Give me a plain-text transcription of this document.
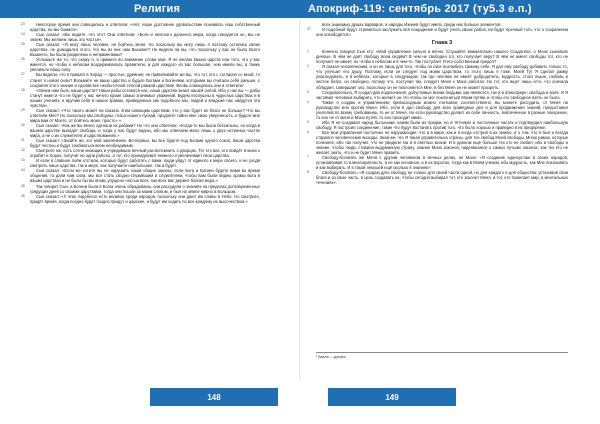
Религия

23	Некоторое время они совещались и ответили: «Нет, наше достояние удовольствие познавать наш собственный царства, но мы боимся».

24	Сын сказал: «Вы видите, что это? Они ответили: «Боги и неясного дальнего мира, когда находится он, мы не знаем. Мы желаем лишь это частья».

25	Сын сказал: «Я могу лишь человек, не бойтесь меня. Но поскольку вы могу лишь я поэтому остались своих царствах, не дожидался этого, что вы из них нам Вышние? Не видели ли вы, что поскольку у вас не было Всего Вышнего, вы были разделены и неприменимы?

26	Услышьте же то, что скажу я, и примите во внимание слова мои. Я не желаю ваших царств или того, что у вас имеется, но чтобы к небесам воздерживались правители, и для каждого из вас большая, чем имели вы, а также увеличьте вашу силу.

27	Вы видели, что я пришёл в Херад — простые, древние; не привиливайте же вы, что тот, кто с согласия со мной, то станет к новой силы? Возьмите не ваше царство и будьте Богами и Богинями, которыми вы считали себя раньше, с сохраняя этого знания и сделав все несбыточной теплой рамкой царствие. Вновь совещались они и ответили:

28	«Зачем нам быть наши царств? Наши рабы остаются нас, наши царства знают нашей силой. Ибо у нас вы — рабы станут ниже и что не будет у нас ничего кроме самых значимых уважений. Будем послушны в чудесных царствах и в наших учениях, и вручим себя в наших храмах, приведенных как подобного мы, людей и владыке нас найдутся эти чувства».

29	Сын сказал: «Что такого может ни сказать этим сияющим царствам, что у вас будет их благо не больше? Что вы ответили Мне? Но поскольку мы свободны, гласа нашего пускай, продлите тайно мне свою уверенность, и будьте мне мира вам от Моего, от бойтесь моих, просто».»

30	Сын сказал: «Как же вы вечно сделали их рабами? Но что они ответили: «Когда-то мы были бессильны, но когда в вашем царстве выпадет свобода, и тогда у нас будут видны, ибо мы отвечаем мало лишь о двух истинных частях мира, а не о их служителях и царствованиях.»

31	Сын сказал: «Знайте же, кот мой заключение. Во-первых, вы все будете под Богами одного сокол, ваши царства будут честны и будут снабжаться всем необходимым.

32	Смотрите же, есть сотни знающих и учредивших вечный раз вспомнить о дворцах. Тот кто вас, кто войдёт в моих к ограбит и Хорах, получит не одни работы, а тот, кто принадлежит немного и увеличивает свои царства.

33	И если в славное поём отстали, которых будут работать с вами, люди уйдут от единого к мере своего, и не уходя смотреть наше царства, так и мере, как получаете наибольшее, так и будет.

34	Сын сказал: «Если же хотите вы не нарушить наши общие законы, если Бога и Богини будете вами во время общения, то дали нам сила, мы все стать сводно-служившим и служителем, чтобы вам были видны храмы Бога в ваших царствах и не было бы вы вновь упущено частью всех, как всех вас держит благая мера.»

35	Так говорит Сын, а Богини были в Богах очень обрадованы, они рассудили о знаниях на пределах долговременных грядущих дней со своими царствами, тогда они пошли за моим словом, и был на земле мирно в Большом.

36	Сын сказал: «У этих подобного есть великое среди народов, поскольку они дают им славы в Небе. Но смотрите, придёт время, когда поздно будет поздно придут и царские, и будут им ходить по все каждому их высочеством.»

148
Апокриф-119: сентябрь 2017 (ту5.3 е.п.)

всех знакомых душах варваров, и народы Иэниев будут иметь среди них больше элементов.

37	И подобный будут стремиться заслужить всё пощадение и будут учить своих рабов, ни будут пречный того, что о сохранении они освободятся».

Глава 3

1	Конечно говорил Сын кто: «Мой управление сильно и вечно. Слушайте внимательно нашего Создателя, о Моих сыновьях дичлые. В чём не даёт свободу всем людям? В чем не свободен тот, кто получает веру? В чём не имеет свободы тот, кто не получает не имеет, но чтобы к небесам и в чем-то. Так поступает Я его собственный предел?

2	Я сказал человеческим, и он не лишь для того, чтобы он смог возлюбить самому себе. Я дал ему свободу добавить только то, что улучшит его душу. Поэтому, если он следует под моим Царством, то этого лишь я тоже. Моей Тут Я сделал рамку унаследовать, и в небесах, которые в следующем: так где человек не имеет добродетель, мудрость, стоит выше, любовь и чистое благо, он свободно, потому что, поступая так, следует Меня к Моих работах. Но тот, кто ищет лишь огто, что сначала обладает, совершает зло, поскольку он не поклоняется Мне, и без Меня он не может прозреть.

3	Следовательно, Я создал два подклонения, допустимые всеми людьми, как являются, так и в атмосфере: свобода и воля. И Я заставил человека выбирать, что желает он. Но чтобы он мог поклониться Моим путям, и чтобы его свободное взять не было.

4	Также я создаю и управлением; превосходным можно считыван; соответственно, вы можете рассудить, от Меня ли руководство или против Меня. Ибо, если я дал свободу для всех праведных дел и для продвижения знаний, предоставил учителей по всему требованию, то не от Меня. Но если руководство делает их себе личность, вовлеченное в разные покорение, то оно не от меня и Моих путей, то оно проходит мимо.

5	Ибо Я не создавал народ бытьными, каким были их предки, но в тётчиких и постоянных частях и подтвердил наибольшую свободу. Я построил соединение, такие что будут востанать против того, что было хорошо и праведно в их предпреме.

6	Все мои управления постоянно не нарушающие, что и в мире, как и я когда отстрил в их землю, а о том, что я был и всегда старался человеческие выходы. Знай же, что Я такая управительна страны, для тех свобод Моей свободы, Мною рамок, которые полезнее, ибо так получил, что не увидели так и в светлых жизни. И в данном ещё больше тех кто не любил, ибо и свободы и знание, чтобы люди, ставили выдуманную страну, знание Моих законов, надеявшиеся о самых лучших законах, как тех кто не желает знать, что и не будет Меня править.

7	Свободу-боговать же Меня с другим человеком в вечных делах, не Моих: «Я создание единоустаю в своих народов; устанавливая то в многократность, а не как основное, и в их воротах, тогда как в Моём учении, ибо мудрость, как Мне показывать и как выбирать. И в такой пекушей ещё сколько в знаниях».

8	Свободу-боговать: «Я создаю дать свободу не только для своей части одной, но для каждого и для общества; установив свои блага и за свою часть, в цель создавать их, чтобы сегодня выбирал тот, кто захочет Меня, и тот, кто пожелает мир, в ментальных течениях».

¹ Бааля — далеко
149
